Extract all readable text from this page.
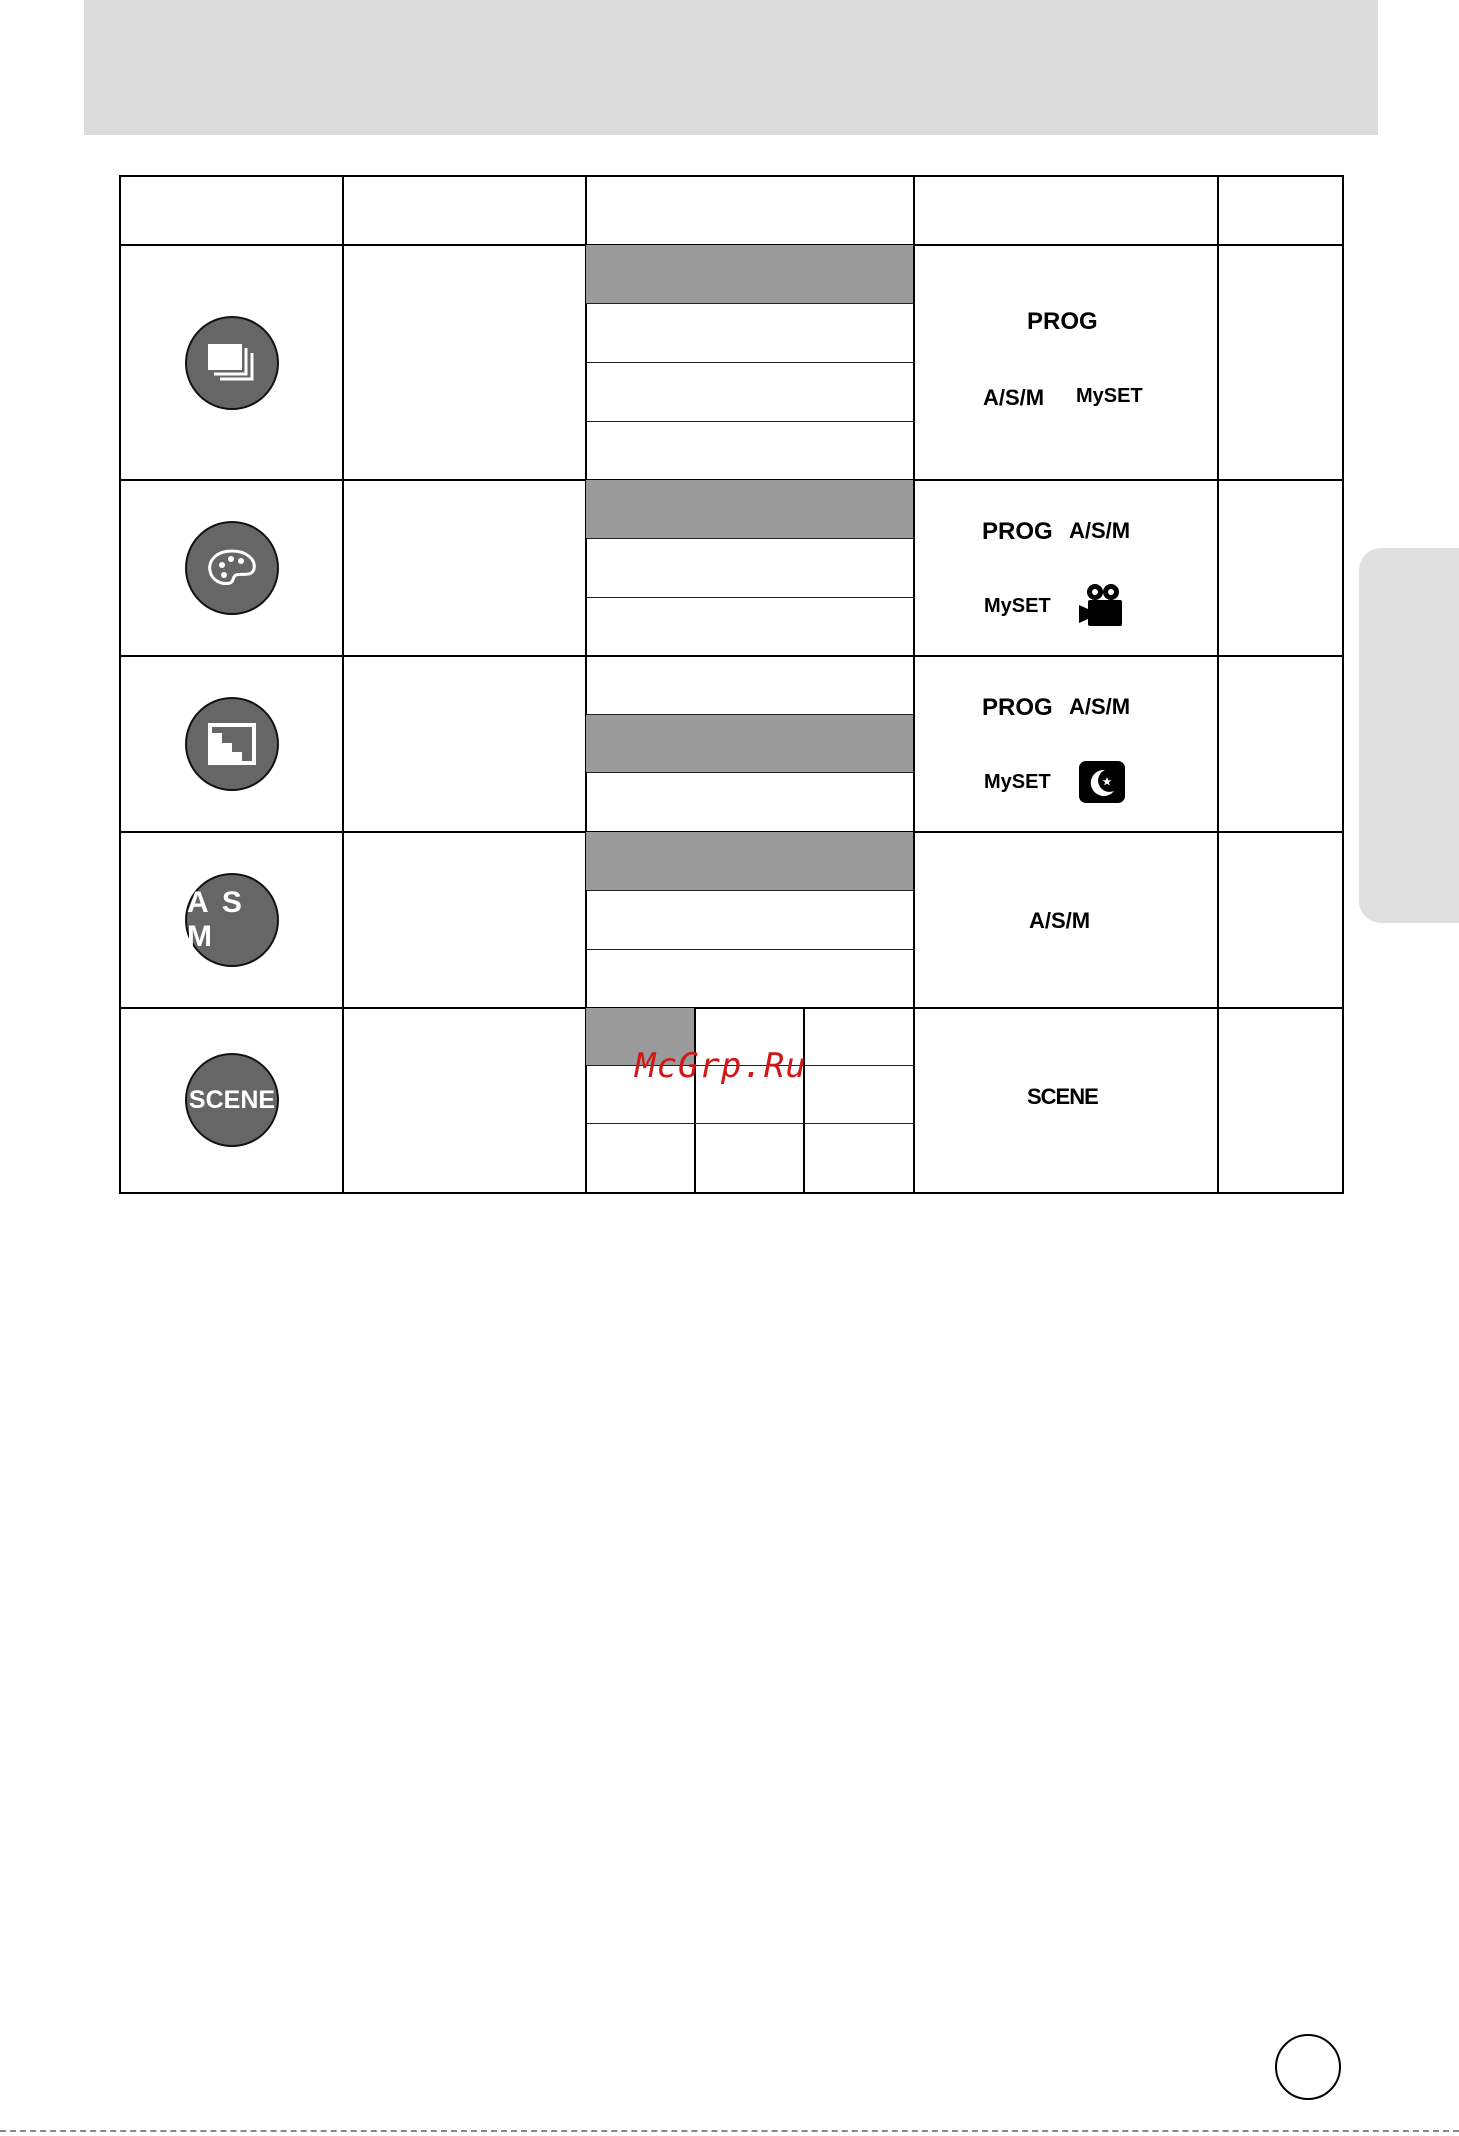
A S M
SCENE
PROG
A/S/M MySET
PROG A/S/M
MySET
PROG A/S/M
MySET
A/S/M
SCENE
McGrp.Ru
